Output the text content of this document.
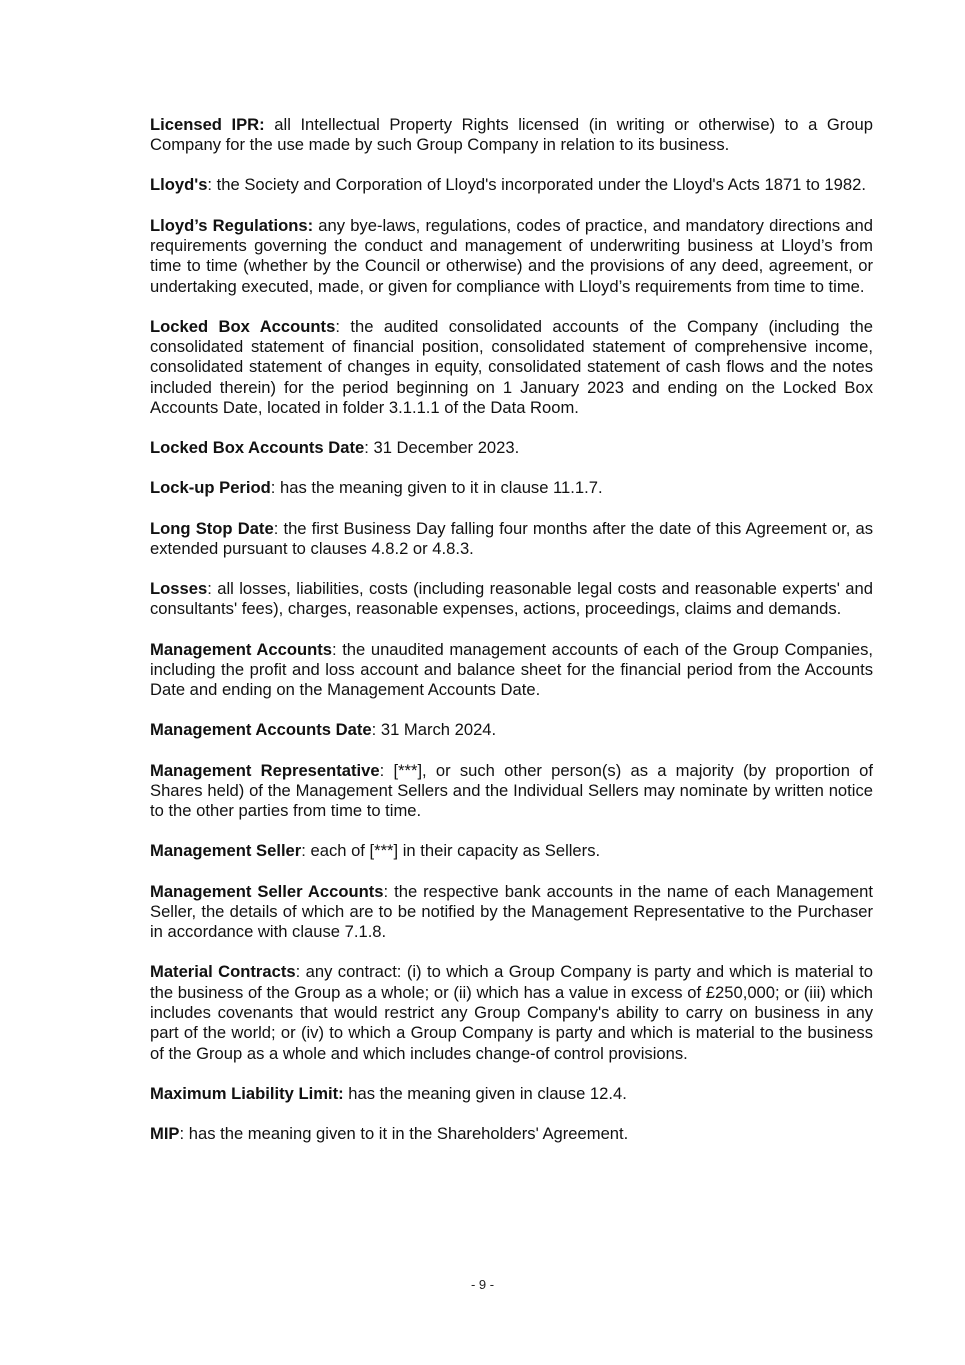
Licensed IPR: all Intellectual Property Rights licensed (in writing or otherwise) to a Group Company for the use made by such Group Company in relation to its business.

Lloyd's: the Society and Corporation of Lloyd's incorporated under the Lloyd's Acts 1871 to 1982.

Lloyd’s Regulations: any bye-laws, regulations, codes of practice, and mandatory directions and requirements governing the conduct and management of underwriting business at Lloyd’s from time to time (whether by the Council or otherwise) and the provisions of any deed, agreement, or undertaking executed, made, or given for compliance with Lloyd’s requirements from time to time.

Locked Box Accounts: the audited consolidated accounts of the Company (including the consolidated statement of financial position, consolidated statement of comprehensive income, consolidated statement of changes in equity, consolidated statement of cash flows and the notes included therein) for the period beginning on 1 January 2023 and ending on the Locked Box Accounts Date, located in folder 3.1.1.1 of the Data Room.

Locked Box Accounts Date: 31 December 2023.

Lock-up Period: has the meaning given to it in clause 11.1.7.

Long Stop Date: the first Business Day falling four months after the date of this Agreement or, as extended pursuant to clauses 4.8.2 or 4.8.3.

Losses: all losses, liabilities, costs (including reasonable legal costs and reasonable experts' and consultants' fees), charges, reasonable expenses, actions, proceedings, claims and demands.

Management Accounts: the unaudited management accounts of each of the Group Companies, including the profit and loss account and balance sheet for the financial period from the Accounts Date and ending on the Management Accounts Date.

Management Accounts Date: 31 March 2024.

Management Representative: [***], or such other person(s) as a majority (by proportion of Shares held) of the Management Sellers and the Individual Sellers may nominate by written notice to the other parties from time to time.

Management Seller: each of [***] in their capacity as Sellers.

Management Seller Accounts: the respective bank accounts in the name of each Management Seller, the details of which are to be notified by the Management Representative to the Purchaser in accordance with clause 7.1.8.

Material Contracts: any contract: (i) to which a Group Company is party and which is material to the business of the Group as a whole; or (ii) which has a value in excess of £250,000; or (iii) which includes covenants that would restrict any Group Company's ability to carry on business in any part of the world; or (iv) to which a Group Company is party and which is material to the business of the Group as a whole and which includes change-of control provisions.

Maximum Liability Limit: has the meaning given in clause 12.4.

MIP: has the meaning given to it in the Shareholders' Agreement.

- 9 -
